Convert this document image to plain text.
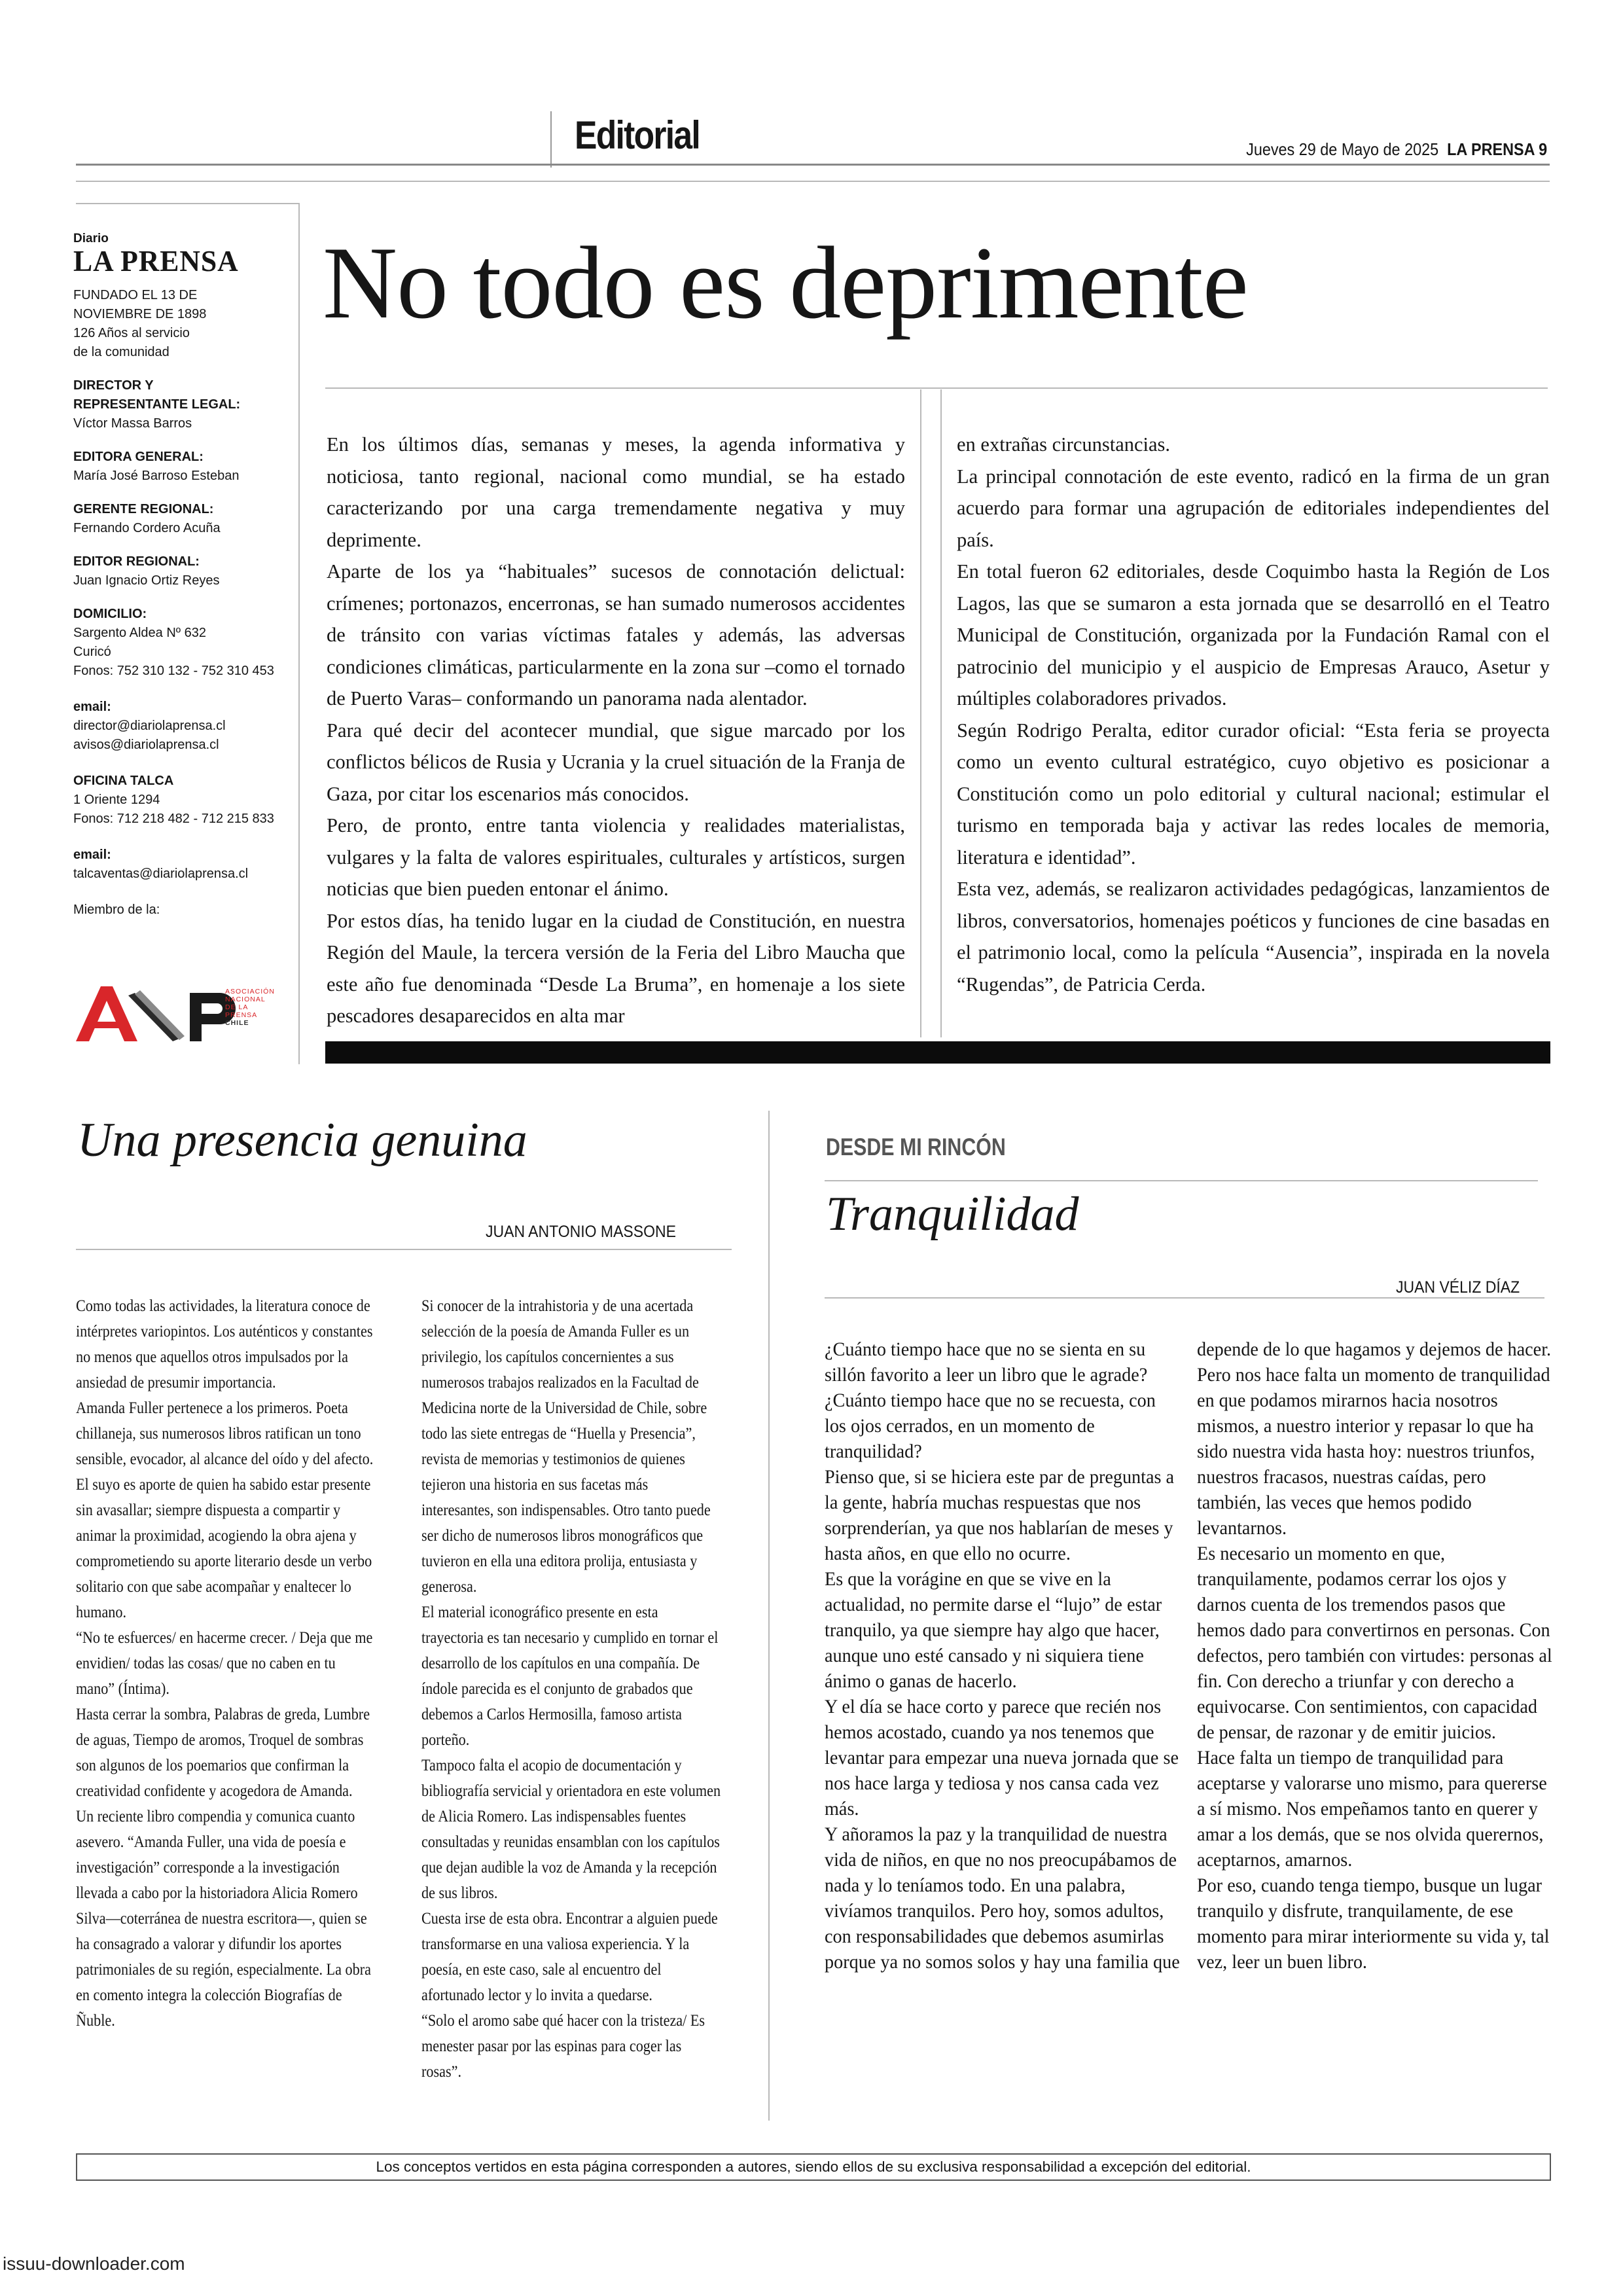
Editorial	Jueves 29 de Mayo de 2025 LA PRENSA 9
Diario
LA PRENSA

FUNDADO EL 13 DE

NOVIEMBRE DE 1898

126 Años al servicio

de la comunidad

DIRECTOR Y

REPRESENTANTE LEGAL:

Víctor Massa Barros

EDITORA GENERAL:

María José Barroso Esteban

GERENTE REGIONAL:

Fernando Cordero Acuña

EDITOR REGIONAL:

Juan Ignacio Ortiz Reyes

DOMICILIO:

Sargento Aldea Nº 632

Curicó

Fonos: 752 310 132 - 752 310 453

email:

director@diariolaprensa.cl

avisos@diariolaprensa.cl

OFICINA TALCA

1 Oriente 1294

Fonos: 712 218 482 - 712 215 833

email:

talcaventas@diariolaprensa.cl

Miembro de la:

ASOCIACIÓN
NACIONAL
DE LA PRENSA
CHILE
No todo es deprimente

En los últimos días, semanas y meses, la agenda informativa y noticiosa, tanto regional, nacional como mundial, se ha estado caracterizando por una carga tremendamente negativa y muy deprimente.

Aparte de los ya “habituales” sucesos de connotación delictual: crímenes; portonazos, encerronas, se han sumado numerosos accidentes de tránsito con varias víctimas fatales y además, las adversas condiciones climáticas, particularmente en la zona sur –como el tornado de Puerto Varas– conformando un panorama nada alentador.

Para qué decir del acontecer mundial, que sigue marcado por los conflictos bélicos de Rusia y Ucrania y la cruel situación de la Franja de Gaza, por citar los escenarios más conocidos.

Pero, de pronto, entre tanta violencia y realidades materialistas, vulgares y la falta de valores espirituales, culturales y artísticos, surgen noticias que bien pueden entonar el ánimo.

Por estos días, ha tenido lugar en la ciudad de Constitución, en nuestra Región del Maule, la tercera versión de la Feria del Libro Maucha que este año fue denominada “Desde La Bruma”, en homenaje a los siete pescadores desaparecidos en alta mar

en extrañas circunstancias.

La principal connotación de este evento, radicó en la firma de un gran acuerdo para formar una agrupación de editoriales independientes del país.

En total fueron 62 editoriales, desde Coquimbo hasta la Región de Los Lagos, las que se sumaron a esta jornada que se desarrolló en el Teatro Municipal de Constitución, organizada por la Fundación Ramal con el patrocinio del municipio y el auspicio de Empresas Arauco, Asetur y múltiples colaboradores privados.

Según Rodrigo Peralta, editor curador oficial: “Esta feria se proyecta como un evento cultural estratégico, cuyo objetivo es posicionar a Constitución como un polo editorial y cultural nacional; estimular el turismo en temporada baja y activar las redes locales de memoria, literatura e identidad”.

Esta vez, además, se realizaron actividades pedagógicas, lanzamientos de libros, conversatorios, homenajes poéticos y funciones de cine basadas en el patrimonio local, como la película “Ausencia”, inspirada en la novela “Rugendas”, de Patricia Cerda.

Una presencia genuina
JUAN ANTONIO MASSONE

Como todas las actividades, la literatura conoce de intérpretes variopintos. Los auténticos y constantes no menos que aquellos otros impulsados por la ansiedad de presumir importancia.

Amanda Fuller pertenece a los primeros. Poeta chillaneja, sus numerosos libros ratifican un tono sensible, evocador, al alcance del oído y del afecto. El suyo es aporte de quien ha sabido estar presente sin avasallar; siempre dispuesta a compartir y animar la proximidad, acogiendo la obra ajena y comprometiendo su aporte literario desde un verbo solitario con que sabe acompañar y enaltecer lo humano.

“No te esfuerces/ en hacerme crecer. / Deja que me envidien/ todas las cosas/ que no caben en tu mano” (Íntima).

Hasta cerrar la sombra, Palabras de greda, Lumbre de aguas, Tiempo de aromos, Troquel de sombras son algunos de los poemarios que confirman la creatividad confidente y acogedora de Amanda.

Un reciente libro compendia y comunica cuanto asevero. “Amanda Fuller, una vida de poesía e investigación” corresponde a la investigación llevada a cabo por la historiadora Alicia Romero Silva—coterránea de nuestra escritora—, quien se ha consagrado a valorar y difundir los aportes patrimoniales de su región, especialmente. La obra en comento integra la colección Biografías de Ñuble.

Si conocer de la intrahistoria y de una acertada selección de la poesía de Amanda Fuller es un privilegio, los capítulos concernientes a sus numerosos trabajos realizados en la Facultad de Medicina norte de la Universidad de Chile, sobre todo las siete entregas de “Huella y Presencia”, revista de memorias y testimonios de quienes tejieron una historia en sus facetas más interesantes, son indispensables. Otro tanto puede ser dicho de numerosos libros monográficos que tuvieron en ella una editora prolija, entusiasta y generosa.

El material iconográfico presente en esta trayectoria es tan necesario y cumplido en tornar el desarrollo de los capítulos en una compañía. De índole parecida es el conjunto de grabados que debemos a Carlos Hermosilla, famoso artista porteño.

Tampoco falta el acopio de documentación y bibliografía servicial y orientadora en este volumen de Alicia Romero. Las indispensables fuentes consultadas y reunidas ensamblan con los capítulos que dejan audible la voz de Amanda y la recepción de sus libros.

Cuesta irse de esta obra. Encontrar a alguien puede transformarse en una valiosa experiencia. Y la poesía, en este caso, sale al encuentro del afortunado lector y lo invita a quedarse.

“Solo el aromo sabe qué hacer con la tristeza/ Es menester pasar por las espinas para coger las rosas”.

DESDE MI RINCÓN
Tranquilidad
JUAN VÉLIZ DÍAZ

¿Cuánto tiempo hace que no se sienta en su sillón favorito a leer un libro que le agrade? ¿Cuánto tiempo hace que no se recuesta, con los ojos cerrados, en un momento de tranquilidad?

Pienso que, si se hiciera este par de preguntas a la gente, habría muchas respuestas que nos sorprenderían, ya que nos hablarían de meses y hasta años, en que ello no ocurre.

Es que la vorágine en que se vive en la actualidad, no permite darse el “lujo” de estar tranquilo, ya que siempre hay algo que hacer, aunque uno esté cansado y ni siquiera tiene ánimo o ganas de hacerlo.

Y el día se hace corto y parece que recién nos hemos acostado, cuando ya nos tenemos que levantar para empezar una nueva jornada que se nos hace larga y tediosa y nos cansa cada vez más.

Y añoramos la paz y la tranquilidad de nuestra vida de niños, en que no nos preocupábamos de nada y lo teníamos todo. En una palabra, vivíamos tranquilos. Pero hoy, somos adultos, con responsabilidades que debemos asumirlas porque ya no somos solos y hay una familia que

depende de lo que hagamos y dejemos de hacer.

Pero nos hace falta un momento de tranquilidad en que podamos mirarnos hacia nosotros mismos, a nuestro interior y repasar lo que ha sido nuestra vida hasta hoy: nuestros triunfos, nuestros fracasos, nuestras caídas, pero también, las veces que hemos podido levantarnos.

Es necesario un momento en que, tranquilamente, podamos cerrar los ojos y darnos cuenta de los tremendos pasos que hemos dado para convertirnos en personas. Con defectos, pero también con virtudes: personas al fin. Con derecho a triunfar y con derecho a equivocarse. Con sentimientos, con capacidad de pensar, de razonar y de emitir juicios.

Hace falta un tiempo de tranquilidad para aceptarse y valorarse uno mismo, para quererse a sí mismo. Nos empeñamos tanto en querer y amar a los demás, que se nos olvida querernos, aceptarnos, amarnos.

Por eso, cuando tenga tiempo, busque un lugar tranquilo y disfrute, tranquilamente, de ese momento para mirar interiormente su vida y, tal vez, leer un buen libro.

Los conceptos vertidos en esta página corresponden a autores, siendo ellos de su exclusiva responsabilidad a excepción del editorial.
issuu-downloader.com
